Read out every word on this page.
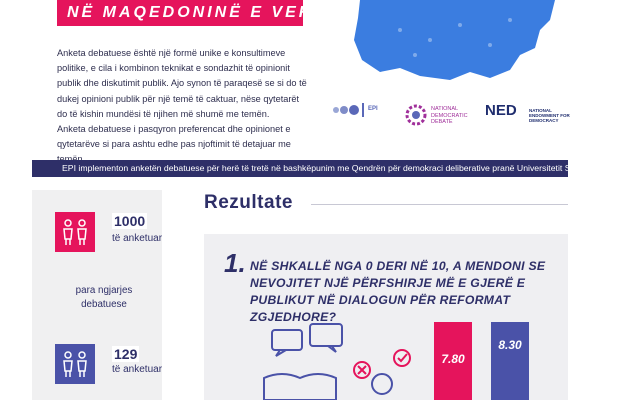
NË MAQEDONINË E VERIUT

Anketa debatuese është një formë unike e konsultimeve politike, e cila i kombinon teknikat e sondazhit të opinionit publik dhe diskutimit publik. Ajo synon të paraqesë se si do të dukej opinioni publik për një temë të caktuar, nëse qytetarët do të kishin mundësi të njihen më shumë me temën.

Anketa debatuese i pasqyron preferencat dhe opinionet e qytetarëve si para ashtu edhe pas njoftimit të detajuar me

EPI	NATIONAL
DEMOCRATIC
DEBATE
NED	NATIONAL ENDOWMENT FOR DEMOCRACY
EPI implementon anketën debatuese për herë të tretë në bashkëpunim me Qendrën për demokraci deliberative pranë Universitetit Stanford nga SHBA.
1000
të anketuar
para ngjarjes debatuese
129
të anketuar
Rezultate
1. NË SHKALLË NGA 0 DERI NË 10, A MENDONI SE NEVOJITET NJË PËRFSHIRJE MË E GJERË E PUBLIKUT NË DIALOGUN PËR REFORMAT ZGJEDHORE?
7.80
8.30
